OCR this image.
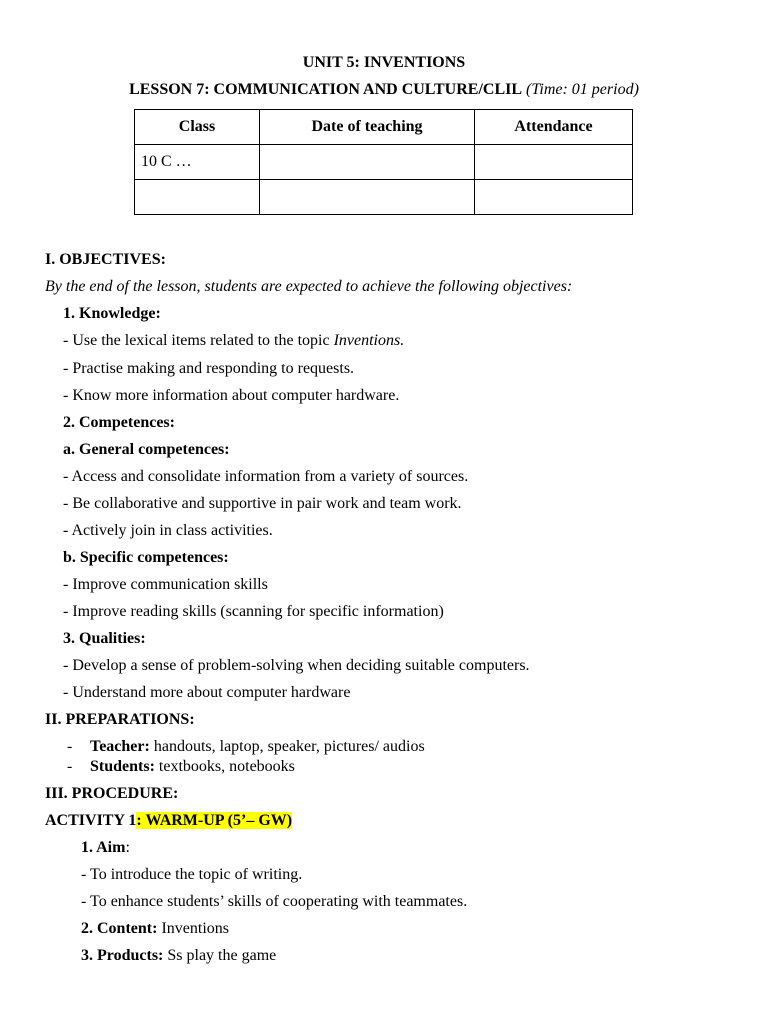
UNIT 5: INVENTIONS
LESSON 7: COMMUNICATION AND CULTURE/CLIL (Time: 01 period)
Class	Date of teaching	Attendance
10 C …		

I. OBJECTIVES:
By the end of the lesson, students are expected to achieve the following objectives:
1. Knowledge:
- Use the lexical items related to the topic Inventions.
- Practise making and responding to requests.
- Know more information about computer hardware.
2. Competences:
a. General competences:
- Access and consolidate information from a variety of sources.
- Be collaborative and supportive in pair work and team work.
- Actively join in class activities.
b. Specific competences:
- Improve communication skills
- Improve reading skills (scanning for specific information)
3. Qualities:
- Develop a sense of problem-solving when deciding suitable computers.
- Understand more about computer hardware
II. PREPARATIONS:
- Teacher: handouts, laptop, speaker, pictures/ audios
- Students: textbooks, notebooks
III. PROCEDURE:
ACTIVITY 1: WARM-UP (5’– GW)
1. Aim:
- To introduce the topic of writing.
- To enhance students’ skills of cooperating with teammates.
2. Content: Inventions
3. Products: Ss play the game
